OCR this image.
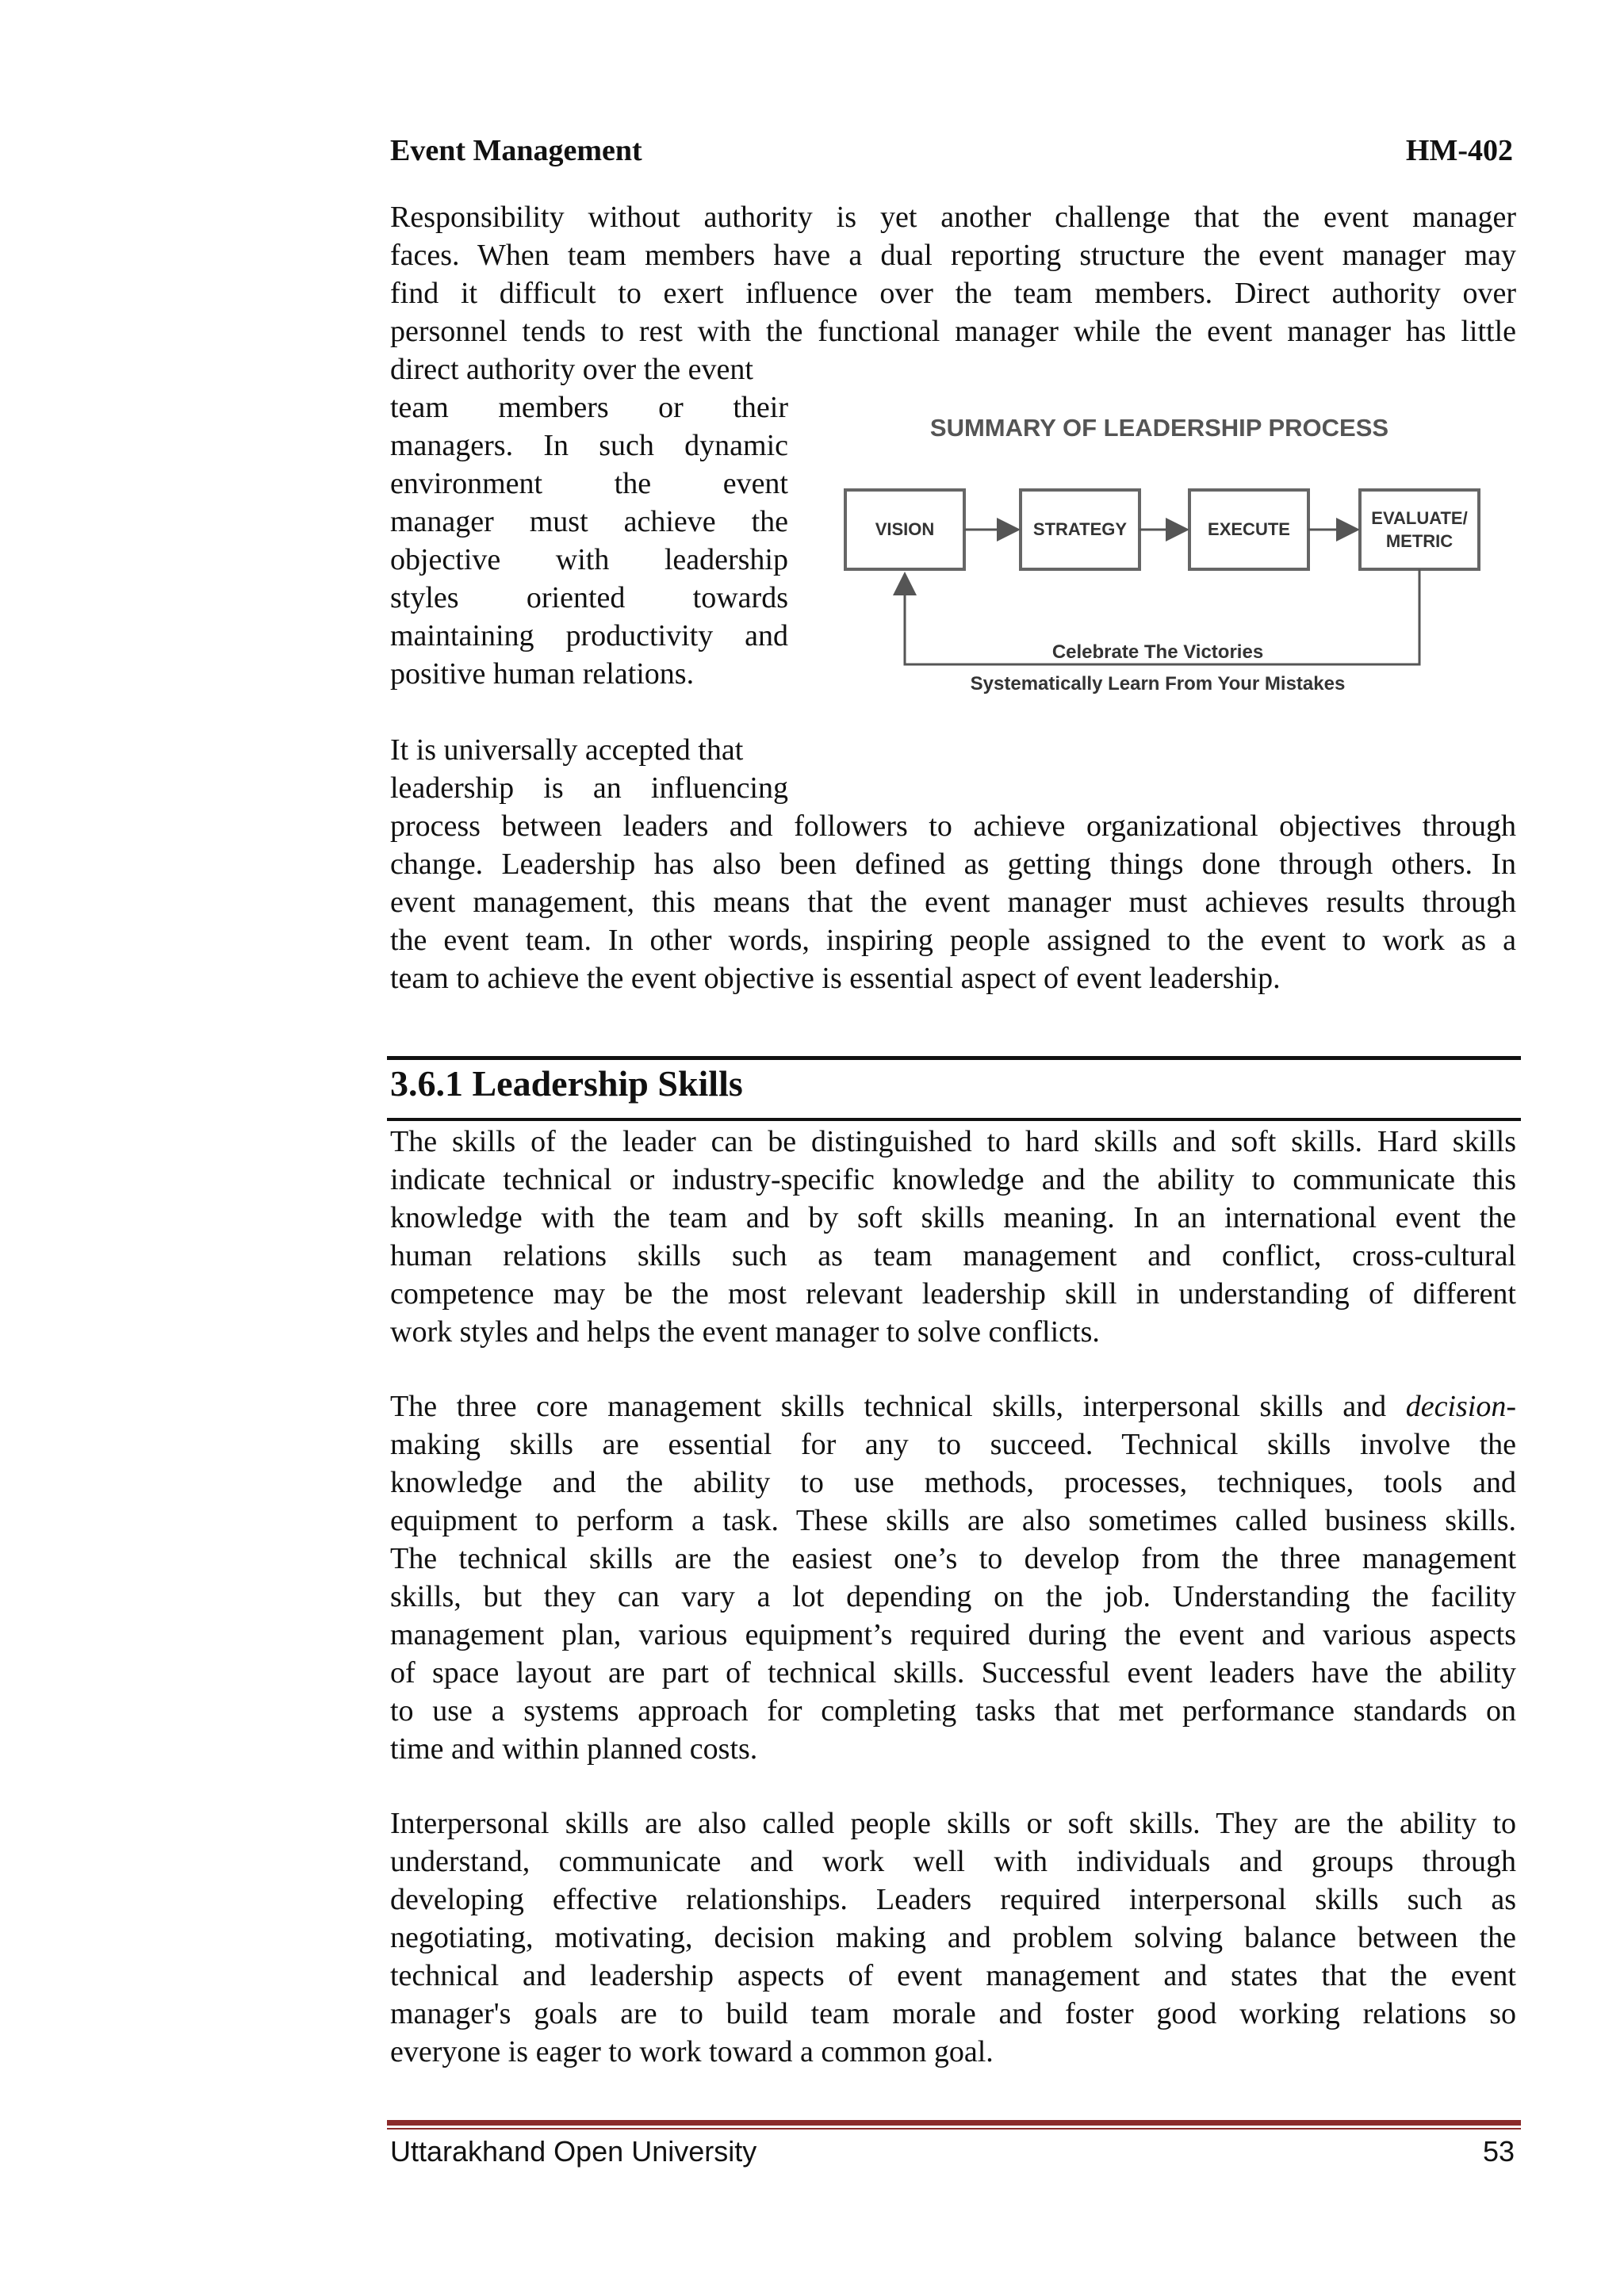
Event Management	HM-402
Responsibility without authority is yet another challenge that the event manager
faces. When team members have a dual reporting structure the event manager may
find it difficult to exert influence over the team members. Direct authority over
personnel tends to rest with the functional manager while the event manager has little
direct authority over the event
team members or their
managers. In such dynamic
environment the event
manager must achieve the
objective with leadership
styles oriented towards
maintaining productivity and
positive human relations.
SUMMARY OF LEADERSHIP PROCESS
VISION	STRATEGY	EXECUTE
EVALUATE/
METRIC
Celebrate The Victories
Systematically Learn From Your Mistakes
It is universally accepted that
leadership is an influencing
process between leaders and followers to achieve organizational objectives through
change. Leadership has also been defined as getting things done through others. In
event management, this means that the event manager must achieves results through
the event team. In other words, inspiring people assigned to the event to work as a
team to achieve the event objective is essential aspect of event leadership.
3.6.1 Leadership Skills
The skills of the leader can be distinguished to hard skills and soft skills. Hard skills
indicate technical or industry-specific knowledge and the ability to communicate this
knowledge with the team and by soft skills meaning. In an international event the
human relations skills such as team management and conflict, cross-cultural
competence may be the most relevant leadership skill in understanding of different
work styles and helps the event manager to solve conflicts.
The three core management skills technical skills, interpersonal skills and decision-
making skills are essential for any to succeed. Technical skills involve the
knowledge and the ability to use methods, processes, techniques, tools and
equipment to perform a task. These skills are also sometimes called business skills.
The technical skills are the easiest one’s to develop from the three management
skills, but they can vary a lot depending on the job. Understanding the facility
management plan, various equipment’s required during the event and various aspects
of space layout are part of technical skills. Successful event leaders have the ability
to use a systems approach for completing tasks that met performance standards on
time and within planned costs.
Interpersonal skills are also called people skills or soft skills. They are the ability to
understand, communicate and work well with individuals and groups through
developing effective relationships. Leaders required interpersonal skills such as
negotiating, motivating, decision making and problem solving balance between the
technical and leadership aspects of event management and states that the event
manager's goals are to build team morale and foster good working relations so
everyone is eager to work toward a common goal.
Uttarakhand Open University	53
